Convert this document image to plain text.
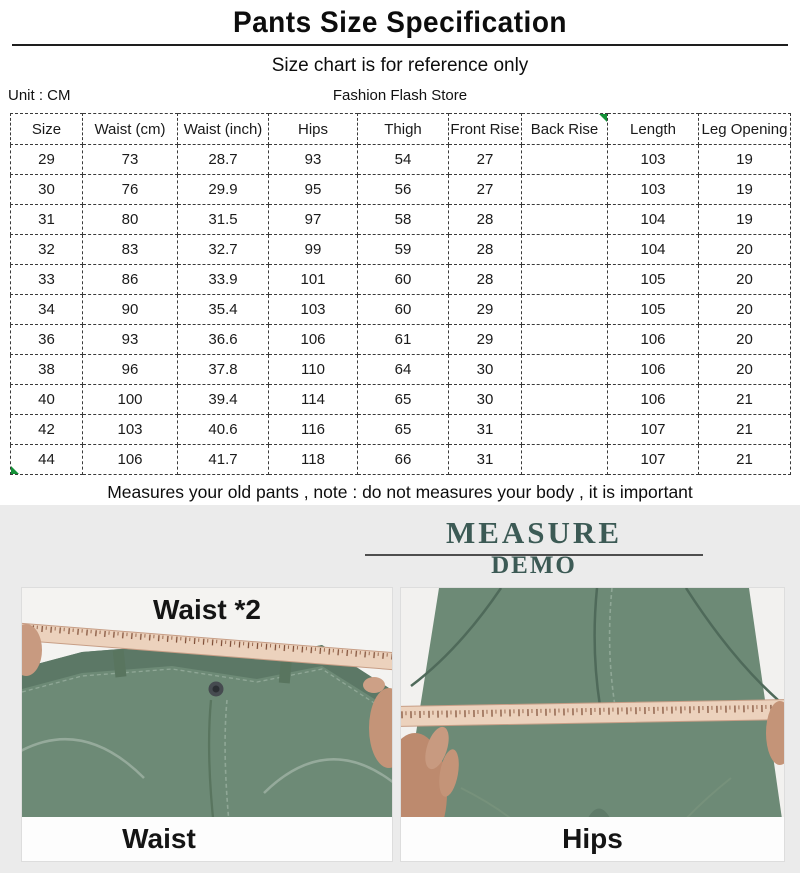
Pants Size Specification
Size chart is for reference only
Unit : CM	Fashion Flash Store
Size	Waist (cm)	Waist (inch)	Hips	Thigh	Front Rise	Back Rise	Length	Leg Opening
29	73	28.7	93	54	27		103	19
30	76	29.9	95	56	27		103	19
31	80	31.5	97	58	28		104	19
32	83	32.7	99	59	28		104	20
33	86	33.9	101	60	28		105	20
34	90	35.4	103	60	29		105	20
36	93	36.6	106	61	29		106	20
38	96	37.8	110	64	30		106	20
40	100	39.4	114	65	30		106	21
42	103	40.6	116	65	31		107	21
44	106	41.7	118	66	31		107	21
Measures your old pants , note : do not measures your body , it is important
MEASURE
DEMO
Waist *2
Waist	Hips
